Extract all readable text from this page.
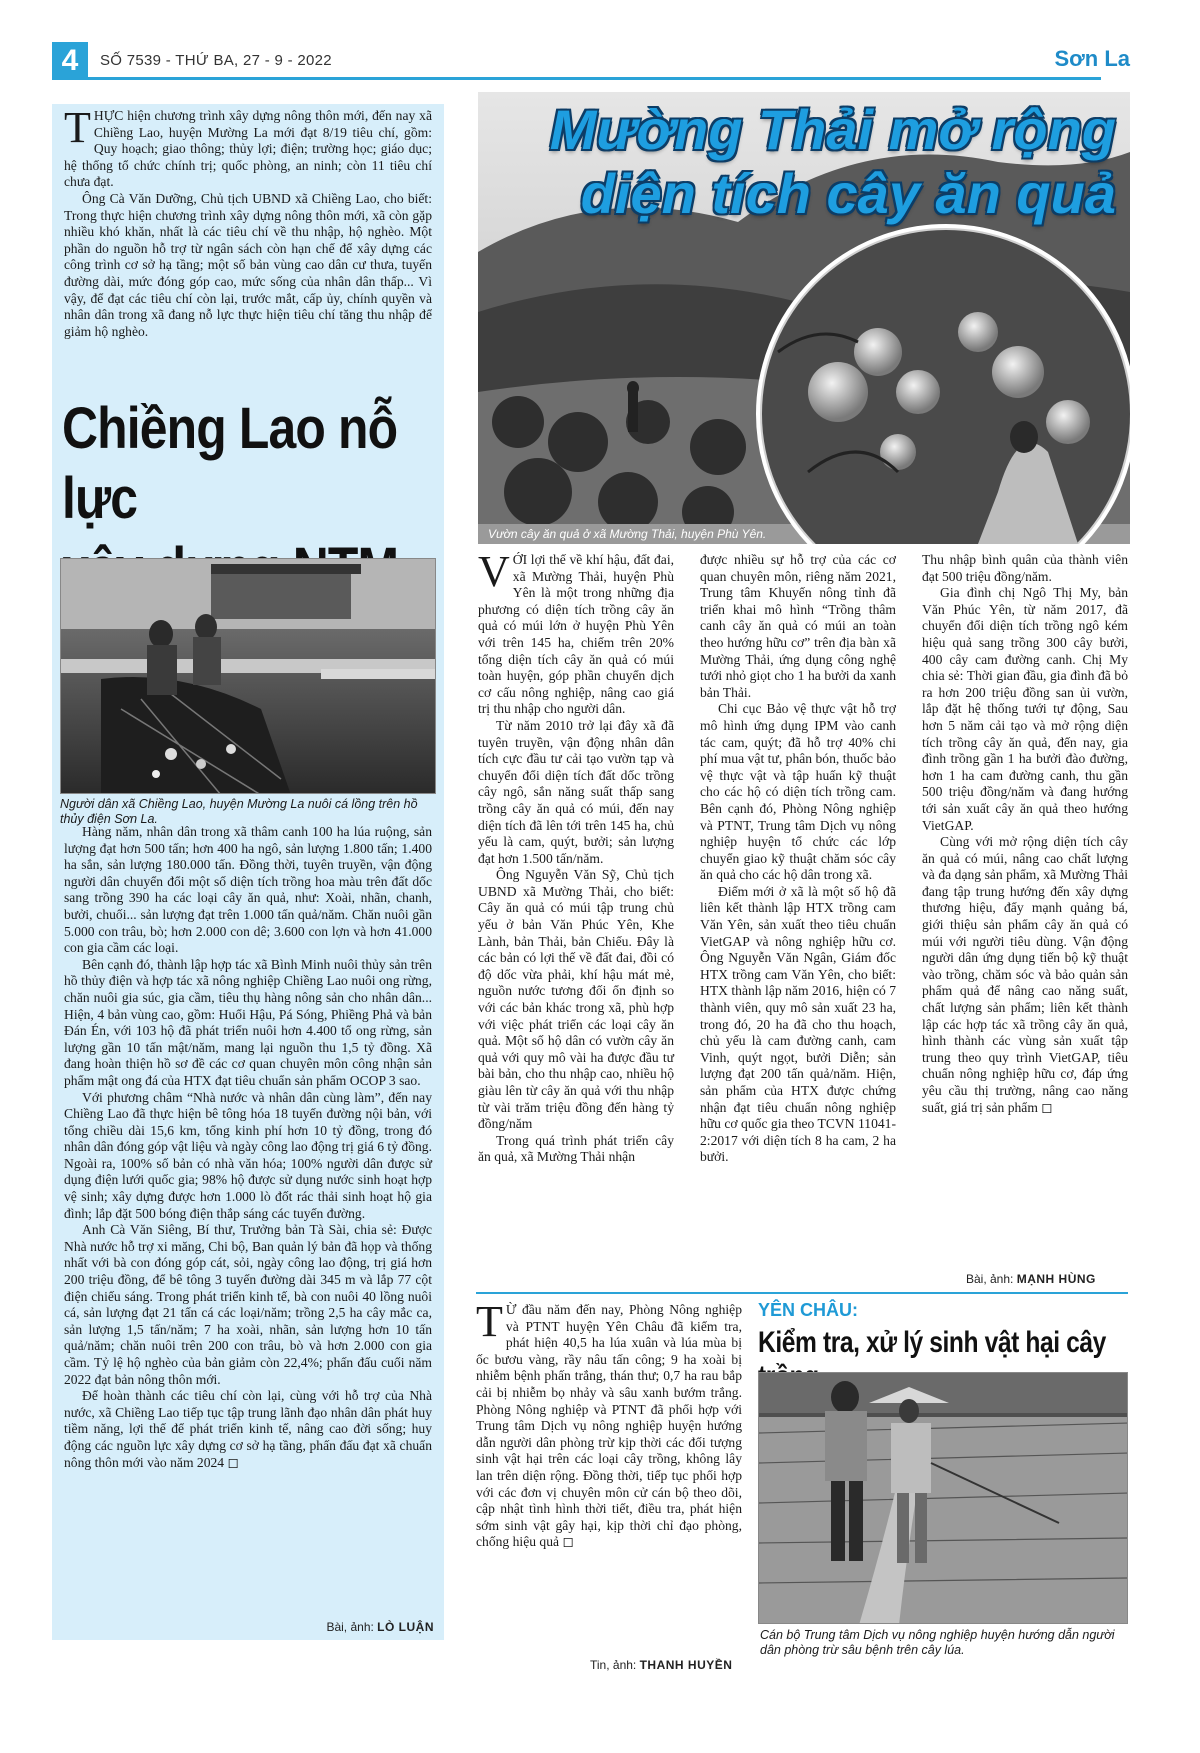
4	SỐ 7539 - THỨ BA, 27 - 9 - 2022	Sơn La

THỰC hiện chương trình xây dựng nông thôn mới, đến nay xã Chiềng Lao, huyện Mường La mới đạt 8/19 tiêu chí, gồm: Quy hoạch; giao thông; thủy lợi; điện; trường học; giáo dục; hệ thống tổ chức chính trị; quốc phòng, an ninh; còn 11 tiêu chí chưa đạt.

Ông Cà Văn Dưỡng, Chủ tịch UBND xã Chiềng Lao, cho biết: Trong thực hiện chương trình xây dựng nông thôn mới, xã còn gặp nhiều khó khăn, nhất là các tiêu chí về thu nhập, hộ nghèo. Một phần do nguồn hỗ trợ từ ngân sách còn hạn chế để xây dựng các công trình cơ sở hạ tầng; một số bản vùng cao dân cư thưa, tuyến đường dài, mức đóng góp cao, mức sống của nhân dân thấp... Vì vậy, để đạt các tiêu chí còn lại, trước mắt, cấp ủy, chính quyền và nhân dân trong xã đang nỗ lực thực hiện tiêu chí tăng thu nhập để giảm hộ nghèo.

Chiềng Lao nỗ lực
Người dân xã Chiềng Lao, huyện Mường La nuôi cá lồng trên hồ thủy điện Sơn La.

Hàng năm, nhân dân trong xã thâm canh 100 ha lúa ruộng, sản lượng đạt hơn 500 tấn; hơn 400 ha ngô, sản lượng 1.800 tấn; 1.400 ha sắn, sản lượng 180.000 tấn. Đồng thời, tuyên truyền, vận động người dân chuyển đổi một số diện tích trồng hoa màu trên đất dốc sang trồng 390 ha các loại cây ăn quả, như: Xoài, nhãn, chanh, bưởi, chuối... sản lượng đạt trên 1.000 tấn quả/năm. Chăn nuôi gần 5.000 con trâu, bò; hơn 2.000 con dê; 3.600 con lợn và hơn 41.000 con gia cầm các loại.

Bên cạnh đó, thành lập hợp tác xã Bình Minh nuôi thủy sản trên hồ thủy điện và hợp tác xã nông nghiệp Chiềng Lao nuôi ong rừng, chăn nuôi gia súc, gia cầm, tiêu thụ hàng nông sản cho nhân dân... Hiện, 4 bản vùng cao, gồm: Huổi Hậu, Pá Sóng, Phiềng Phả và bản Đán Én, với 103 hộ đã phát triển nuôi hơn 4.400 tổ ong rừng, sản lượng gần 10 tấn mật/năm, mang lại nguồn thu 1,5 tỷ đồng. Xã đang hoàn thiện hồ sơ đề các cơ quan chuyên môn công nhận sản phẩm mật ong đá của HTX đạt tiêu chuẩn sản phẩm OCOP 3 sao.

Với phương châm “Nhà nước và nhân dân cùng làm”, đến nay Chiềng Lao đã thực hiện bê tông hóa 18 tuyến đường nội bản, với tổng chiều dài 15,6 km, tổng kinh phí hơn 10 tỷ đồng, trong đó nhân dân đóng góp vật liệu và ngày công lao động trị giá 6 tỷ đồng. Ngoài ra, 100% số bản có nhà văn hóa; 100% người dân được sử dụng điện lưới quốc gia; 98% hộ được sử dụng nước sinh hoạt hợp vệ sinh; xây dựng được hơn 1.000 lò đốt rác thải sinh hoạt hộ gia đình; lắp đặt 500 bóng điện thắp sáng các tuyến đường.

Anh Cà Văn Siêng, Bí thư, Trưởng bản Tà Sài, chia sẻ: Được Nhà nước hỗ trợ xi măng, Chi bộ, Ban quản lý bản đã họp và thống nhất với bà con đóng góp cát, sỏi, ngày công lao động, trị giá hơn 200 triệu đồng, để bê tông 3 tuyến đường dài 345 m và lắp 77 cột điện chiếu sáng. Trong phát triển kinh tế, bà con nuôi 40 lồng nuôi cá, sản lượng đạt 21 tấn cá các loại/năm; trồng 2,5 ha cây mắc ca, sản lượng 1,5 tấn/năm; 7 ha xoài, nhãn, sản lượng hơn 10 tấn quả/năm; chăn nuôi trên 200 con trâu, bò và hơn 2.000 con gia cầm. Tỷ lệ hộ nghèo của bản giảm còn 22,4%; phấn đấu cuối năm 2022 đạt bản nông thôn mới.

Để hoàn thành các tiêu chí còn lại, cùng với hỗ trợ của Nhà nước, xã Chiềng Lao tiếp tục tập trung lãnh đạo nhân dân phát huy tiềm năng, lợi thế để phát triển kinh tế, nâng cao đời sống; huy động các nguồn lực xây dựng cơ sở hạ tầng, phấn đấu đạt xã chuẩn nông thôn mới vào năm 2024 ◻

Bài, ảnh: LÒ LUẬN
Mường Thải mở rộng
diện tích cây ăn quả
Vườn cây ăn quả ở xã Mường Thải, huyện Phù Yên.

VỚI lợi thế về khí hậu, đất đai, xã Mường Thải, huyện Phù Yên là một trong những địa phương có diện tích trồng cây ăn quả có múi lớn ở huyện Phù Yên với trên 145 ha, chiếm trên 20% tổng diện tích cây ăn quả có múi toàn huyện, góp phần chuyển dịch cơ cấu nông nghiệp, nâng cao giá trị thu nhập cho người dân.

Từ năm 2010 trở lại đây xã đã tuyên truyền, vận động nhân dân tích cực đầu tư cải tạo vườn tạp và chuyển đổi diện tích đất dốc trồng cây ngô, sắn năng suất thấp sang trồng cây ăn quả có múi, đến nay diện tích đã lên tới trên 145 ha, chủ yếu là cam, quýt, bưởi; sản lượng đạt hơn 1.500 tấn/năm.

Ông Nguyễn Văn Sỹ, Chủ tịch UBND xã Mường Thải, cho biết: Cây ăn quả có múi tập trung chủ yếu ở bản Văn Phúc Yên, Khe Lành, bản Thải, bản Chiếu. Đây là các bản có lợi thế về đất đai, đồi có độ dốc vừa phải, khí hậu mát mẻ, nguồn nước tương đối ổn định so với các bản khác trong xã, phù hợp với việc phát triển các loại cây ăn quả. Một số hộ dân có vườn cây ăn quả với quy mô vài ha được đầu tư bài bản, cho thu nhập cao, nhiều hộ giàu lên từ cây ăn quả với thu nhập từ vài trăm triệu đồng đến hàng tỷ đồng/năm

Trong quá trình phát triển cây ăn quả, xã Mường Thải nhận

được nhiều sự hỗ trợ của các cơ quan chuyên môn, riêng năm 2021, Trung tâm Khuyến nông tỉnh đã triển khai mô hình “Trồng thâm canh cây ăn quả có múi an toàn theo hướng hữu cơ” trên địa bàn xã Mường Thải, ứng dụng công nghệ tưới nhỏ giọt cho 1 ha bưởi da xanh bản Thải.

Chi cục Bảo vệ thực vật hỗ trợ mô hình ứng dụng IPM vào canh tác cam, quýt; đã hỗ trợ 40% chi phí mua vật tư, phân bón, thuốc bảo vệ thực vật và tập huấn kỹ thuật cho các hộ có diện tích trồng cam. Bên cạnh đó, Phòng Nông nghiệp và PTNT, Trung tâm Dịch vụ nông nghiệp huyện tổ chức các lớp chuyển giao kỹ thuật chăm sóc cây ăn quả cho các hộ dân trong xã.

Điểm mới ở xã là một số hộ đã liên kết thành lập HTX trồng cam Văn Yên, sản xuất theo tiêu chuẩn VietGAP và nông nghiệp hữu cơ. Ông Nguyễn Văn Ngân, Giám đốc HTX trồng cam Văn Yên, cho biết: HTX thành lập năm 2016, hiện có 7 thành viên, quy mô sản xuất 23 ha, trong đó, 20 ha đã cho thu hoạch, chủ yếu là cam đường canh, cam Vinh, quýt ngọt, bưởi Diễn; sản lượng đạt 200 tấn quả/năm. Hiện, sản phẩm của HTX được chứng nhận đạt tiêu chuẩn nông nghiệp hữu cơ quốc gia theo TCVN 11041-2:2017 với diện tích 8 ha cam, 2 ha bưởi.

Thu nhập bình quân của thành viên đạt 500 triệu đồng/năm.

Gia đình chị Ngô Thị My, bản Văn Phúc Yên, từ năm 2017, đã chuyển đổi diện tích trồng ngô kém hiệu quả sang trồng 300 cây bưởi, 400 cây cam đường canh. Chị My chia sẻ: Thời gian đầu, gia đình đã bỏ ra hơn 200 triệu đồng san ủi vườn, lắp đặt hệ thống tưới tự động, Sau hơn 5 năm cải tạo và mở rộng diện tích trồng cây ăn quả, đến nay, gia đình trồng gần 1 ha bưởi đào đường, hơn 1 ha cam đường canh, thu gần 500 triệu đồng/năm và đang hướng tới sản xuất cây ăn quả theo hướng VietGAP.

Cùng với mở rộng diện tích cây ăn quả có múi, nâng cao chất lượng và đa dạng sản phẩm, xã Mường Thải đang tập trung hướng đến xây dựng thương hiệu, đẩy mạnh quảng bá, giới thiệu sản phẩm cây ăn quả có múi với người tiêu dùng. Vận động người dân ứng dụng tiến bộ kỹ thuật vào trồng, chăm sóc và bảo quản sản phẩm quả để nâng cao năng suất, chất lượng sản phẩm; liên kết thành lập các hợp tác xã trồng cây ăn quả, hình thành các vùng sản xuất tập trung theo quy trình VietGAP, tiêu chuẩn nông nghiệp hữu cơ, đáp ứng yêu cầu thị trường, nâng cao năng suất, giá trị sản phẩm ◻

Bài, ảnh: MẠNH HÙNG

T Ừ đầu năm đến nay, Phòng Nông nghiệp và PTNT huyện Yên Châu đã kiểm tra, phát hiện 40,5 ha lúa xuân và lúa mùa bị ốc bươu vàng, rầy nâu tấn công; 9 ha xoài bị nhiễm bệnh phấn trắng, thán thư; 0,7 ha rau bắp cải bị nhiễm bọ nhảy và sâu xanh bướm trắng. Phòng Nông nghiệp và PTNT đã phối hợp với Trung tâm Dịch vụ nông nghiệp huyện hướng dẫn người dân phòng trừ kịp thời các đối tượng sinh vật hại trên các loại cây trồng, không lây lan trên diện rộng. Đồng thời, tiếp tục phối hợp với các đơn vị chuyên môn cử cán bộ theo dõi, cập nhật tình hình thời tiết, điều tra, phát hiện sớm sinh vật gây hại, kịp thời chỉ đạo phòng, chống hiệu quả ◻

Tin, ảnh: THANH HUYỀN
YÊN CHÂU:
Kiểm tra, xử lý sinh vật hại cây
Cán bộ Trung tâm Dịch vụ nông nghiệp huyện hướng dẫn người dân phòng trừ sâu bệnh trên cây lúa.
